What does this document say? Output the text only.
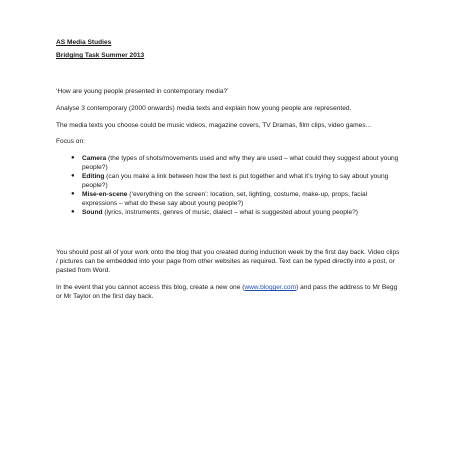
AS Media Studies

Bridging Task Summer 2013

‘How are young people presented in contemporary media?’

Analyse 3 contemporary (2000 onwards) media texts and explain how young people are represented.

The media texts you choose could be music videos, magazine covers, TV Dramas, film clips, video games…

Focus on:

● Camera (the types of shots/movements used and why they are used – what could they suggest about young people?)
● Editing (can you make a link between how the text is put together and what it’s trying to say about young people?)
● Mise-en-scene (‘everything on the screen’: location, set, lighting, costume, make-up, props, facial expressions – what do these say about young people?)
● Sound (lyrics, instruments, genres of music, dialect – what is suggested about young people?)

You should post all of your work onto the blog that you created during induction week by the first day back. Video clips / pictures can be embedded into your page from other websites as required. Text can be typed directly into a post, or pasted from Word.

In the event that you cannot access this blog, create a new one (www.blogger.com) and pass the address to Mr Begg or Mr Taylor on the first day back.
